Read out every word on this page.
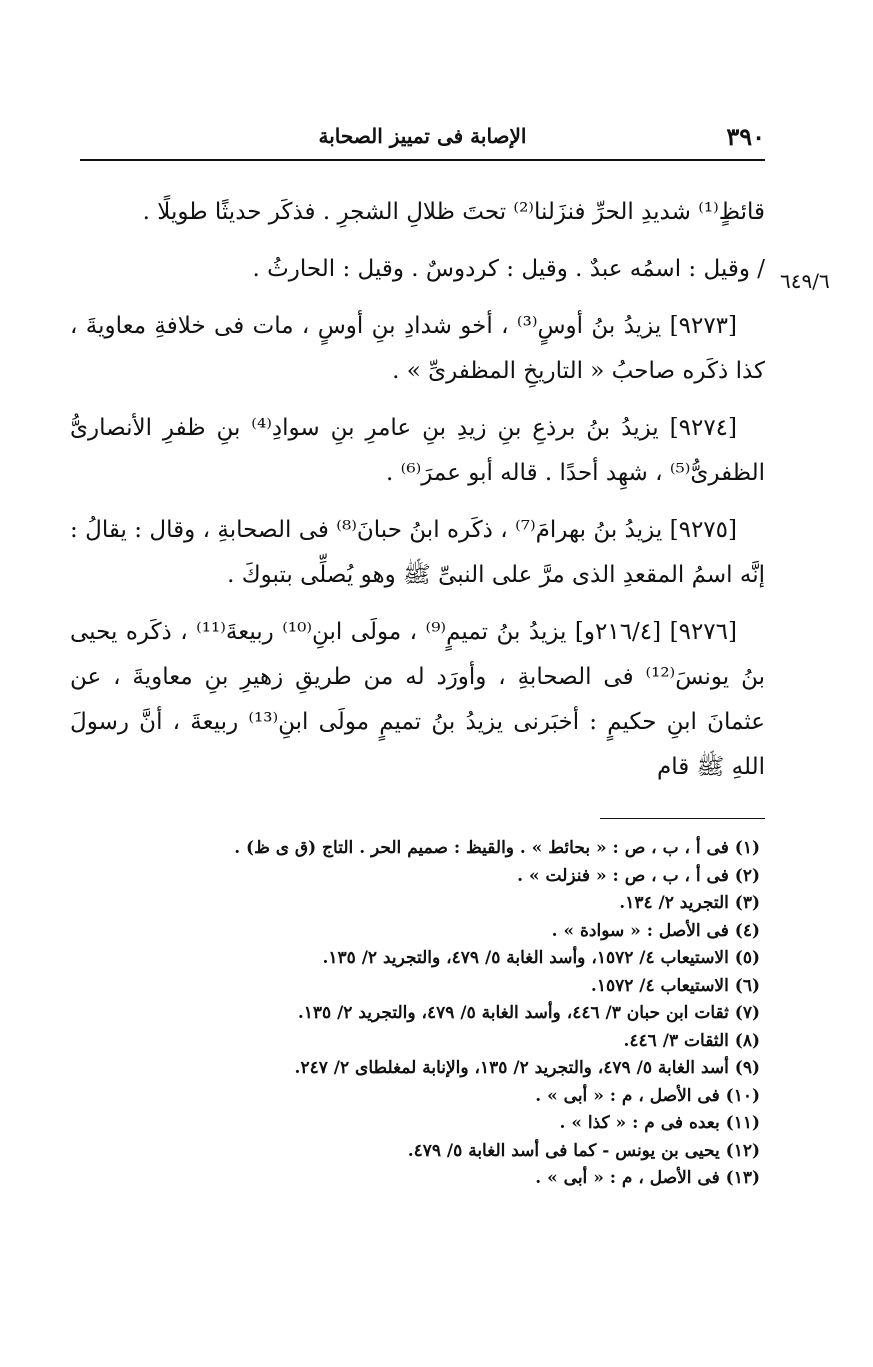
٣٩٠
الإصابة فى تمييز الصحابة
٦٤٩/٦

قائظٍ⁽¹⁾ شديدِ الحرِّ فنزَلنا⁽²⁾ تحتَ ظلالِ الشجرِ . فذكَر حديثًا طويلًا .

/ وقيل : اسمُه عبدٌ . وقيل : كردوسٌ . وقيل : الحارثُ .

[٩٢٧٣] يزيدُ بنُ أوسٍ⁽³⁾ ، أخو شدادِ بنِ أوسٍ ، مات فى خلافةِ معاويةَ ، كذا ذكَره صاحبُ « التاريخِ المظفرىِّ » .

[٩٢٧٤] يزيدُ بنُ برذعِ بنِ زيدِ بنِ عامرِ بنِ سوادِ⁽⁴⁾ بنِ ظفرِ الأنصارىُّ الظفرىُّ⁽⁵⁾ ، شهِد أحدًا . قاله أبو عمرَ⁽⁶⁾ .

[٩٢٧٥] يزيدُ بنُ بهرامَ⁽⁷⁾ ، ذكَره ابنُ حبانَ⁽⁸⁾ فى الصحابةِ ، وقال : يقالُ : إنَّه اسمُ المقعدِ الذى مرَّ على النبىِّ ﷺ وهو يُصلِّى بتبوكَ .

[٩٢٧٦] [٢١٦/٤و] يزيدُ بنُ تميمٍ⁽⁹⁾ ، مولَى ابنِ⁽¹⁰⁾ ربيعةَ⁽¹¹⁾ ، ذكَره يحيى بنُ يونسَ⁽¹²⁾ فى الصحابةِ ، وأورَد له من طريقِ زهيرِ بنِ معاويةَ ، عن عثمانَ ابنِ حكيمٍ : أخبَرنى يزيدُ بنُ تميمٍ مولَى ابنِ⁽¹³⁾ ربيعةَ ، أنَّ رسولَ اللهِ ﷺ قام

(١) فى أ ، ب ، ص : « بحائط » . والقيظ : صميم الحر . التاج (ق ى ظ) .
(٢) فى أ ، ب ، ص : « فنزلت » .
(٣) التجريد ٢/ ١٣٤.
(٤) فى الأصل : « سوادة » .
(٥) الاستيعاب ٤/ ١٥٧٢، وأسد الغابة ٥/ ٤٧٩، والتجريد ٢/ ١٣٥.
(٦) الاستيعاب ٤/ ١٥٧٢.
(٧) ثقات ابن حبان ٣/ ٤٤٦، وأسد الغابة ٥/ ٤٧٩، والتجريد ٢/ ١٣٥.
(٨) الثقات ٣/ ٤٤٦.
(٩) أسد الغابة ٥/ ٤٧٩، والتجريد ٢/ ١٣٥، والإنابة لمغلطاى ٢/ ٢٤٧.
(١٠) فى الأصل ، م : « أبى » .
(١١) بعده فى م : « كذا » .
(١٢) يحيى بن يونس - كما فى أسد الغابة ٥/ ٤٧٩.
(١٣) فى الأصل ، م : « أبى » .
